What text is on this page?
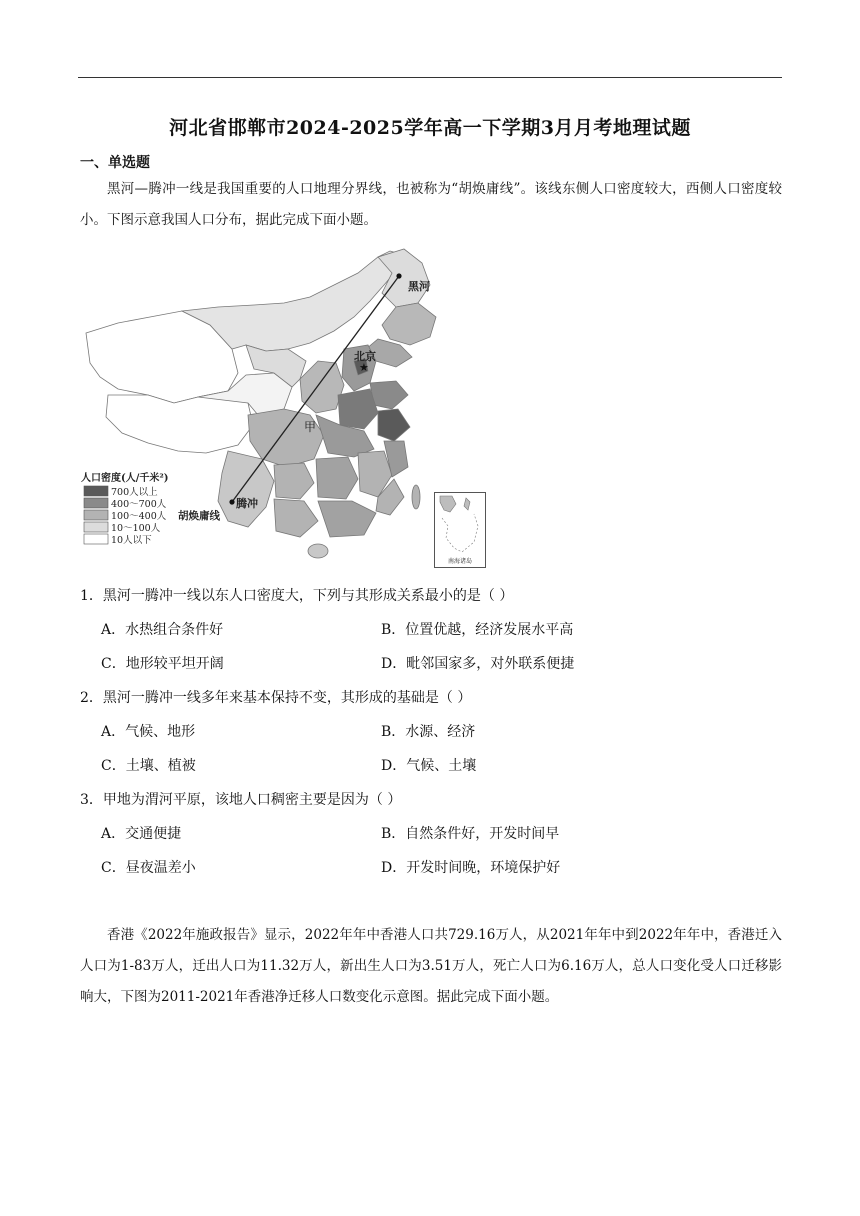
河北省邯郸市2024-2025学年高一下学期3月月考地理试题
一、单选题
黑河—腾冲一线是我国重要的人口地理分界线，也被称为“胡焕庸线”。该线东侧人口密度较大，西侧人口密度较小。下图示意我国人口分布，据此完成下面小题。
★
黑河
北京
甲
腾冲
胡焕庸线
人口密度(人/千米²)
700人以上
400～700人
100～400人
10～100人
10人以下
南海诸岛
1．黑河一腾冲一线以东人口密度大，下列与其形成关系最小的是（ ）
A．水热组合条件好	B．位置优越，经济发展水平高
C．地形较平坦开阔	D．毗邻国家多，对外联系便捷
2．黑河一腾冲一线多年来基本保持不变，其形成的基础是（ ）
A．气候、地形	B．水源、经济
C．土壤、植被	D．气候、土壤
3．甲地为渭河平原，该地人口稠密主要是因为（ ）
A．交通便捷	B．自然条件好，开发时间早
C．昼夜温差小	D．开发时间晚，环境保护好
香港《2022年施政报告》显示，2022年年中香港人口共729.16万人，从2021年年中到2022年年中，香港迁入人口为1-83万人，迁出人口为11.32万人，新出生人口为3.51万人，死亡人口为6.16万人，总人口变化受人口迁移影响大，下图为2011-2021年香港净迁移人口数变化示意图。据此完成下面小题。
